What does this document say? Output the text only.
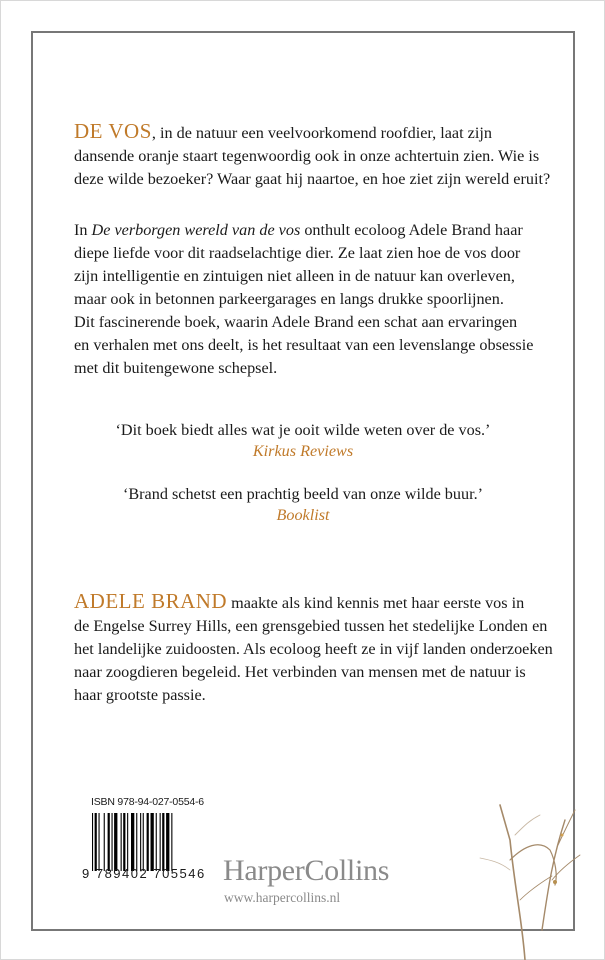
DE VOS, in de natuur een veelvoorkomend roofdier, laat zijn
dansende oranje staart tegenwoordig ook in onze achtertuin zien. Wie is
deze wilde bezoeker? Waar gaat hij naartoe, en hoe ziet zijn wereld eruit?
In De verborgen wereld van de vos onthult ecoloog Adele Brand haar
diepe liefde voor dit raadselachtige dier. Ze laat zien hoe de vos door
zijn intelligentie en zintuigen niet alleen in de natuur kan overleven,
maar ook in betonnen parkeergarages en langs drukke spoorlijnen.
Dit fascinerende boek, waarin Adele Brand een schat aan ervaringen
en verhalen met ons deelt, is het resultaat van een levenslange obsessie
met dit buitengewone schepsel.
‘Dit boek biedt alles wat je ooit wilde weten over de vos.’
Kirkus Reviews
‘Brand schetst een prachtig beeld van onze wilde buur.’
Booklist
ADELE BRAND maakte als kind kennis met haar eerste vos in
de Engelse Surrey Hills, een grensgebied tussen het stedelijke Londen en
het landelijke zuidoosten. Als ecoloog heeft ze in vijf landen onderzoeken
naar zoogdieren begeleid. Het verbinden van mensen met de natuur is
haar grootste passie.
ISBN 978-94-027-0554-6
9 789402 705546 HarperCollins
www.harpercollins.nl
